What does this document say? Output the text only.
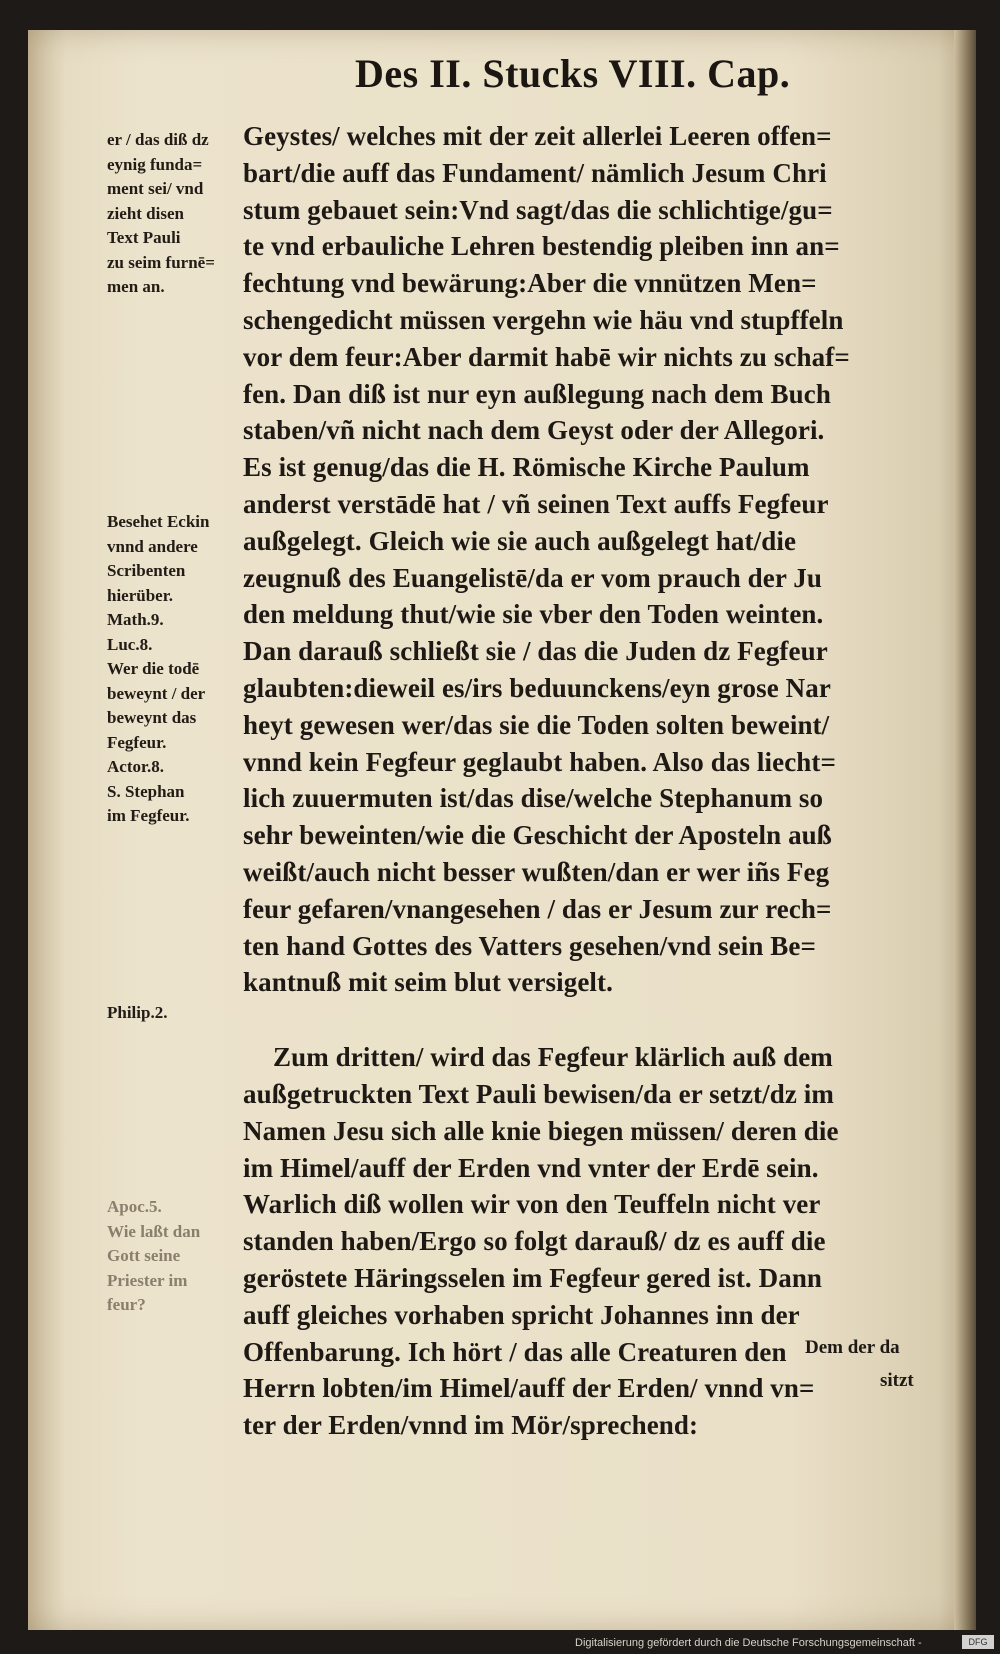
Des II. Stucks VIII. Cap.
Geystes/ welches mit der zeit allerlei Leeren offen=
bart/die auff das Fundament/ nämlich Jesum Chri
stum gebauet sein:Vnd sagt/das die schlichtige/gu=
te vnd erbauliche Lehren bestendig pleiben inn an=
fechtung vnd bewärung:Aber die vnnützen Men=
schengedicht müssen vergehn wie häu vnd stupffeln
vor dem feur:Aber darmit habē wir nichts zu schaf=
fen. Dan diß ist nur eyn außlegung nach dem Buch
staben/vñ nicht nach dem Geyst oder der Allegori.
Es ist genug/das die H. Römische Kirche Paulum
anderst verstādē hat / vñ seinen Text auffs Fegfeur
außgelegt. Gleich wie sie auch außgelegt hat/die
zeugnuß des Euangelistē/da er vom prauch der Ju
den meldung thut/wie sie vber den Toden weinten.
Dan darauß schließt sie / das die Juden dz Fegfeur
glaubten:dieweil es/irs beduunckens/eyn grose Nar
heyt gewesen wer/das sie die Toden solten beweint/
vnnd kein Fegfeur geglaubt haben. Also das liecht=
lich zuuermuten ist/das dise/welche Stephanum so
sehr beweinten/wie die Geschicht der Aposteln auß
weißt/auch nicht besser wußten/dan er wer iñs Feg
feur gefaren/vnangesehen / das er Jesum zur rech=
ten hand Gottes des Vatters gesehen/vnd sein Be=
kantnuß mit seim blut versigelt.
Zum dritten/ wird das Fegfeur klärlich auß dem
außgetruckten Text Pauli bewisen/da er setzt/dz im
Namen Jesu sich alle knie biegen müssen/ deren die
im Himel/auff der Erden vnd vnter der Erdē sein.
Warlich diß wollen wir von den Teuffeln nicht ver
standen haben/Ergo so folgt darauß/ dz es auff die
geröstete Häringsselen im Fegfeur gered ist. Dann
auff gleiches vorhaben spricht Johannes inn der
Offenbarung. Ich hört / das alle Creaturen den
Herrn lobten/im Himel/auff der Erden/ vnnd vn=
ter der Erden/vnnd im Mör/sprechend:
Dem der da
sitzt
er / das diß dz
eynig funda=
ment sei/ vnd
zieht disen
Text Pauli
zu seim furnē=
men an.
Besehet Eckin
vnnd andere
Scribenten
hierüber.
Math.9.
Luc.8.
Wer die todē
beweynt / der
beweynt das
Fegfeur.
Actor.8.
S. Stephan
im Fegfeur.
Philip.2.
Apoc.5.
Wie laßt dan
Gott seine
Priester im
feur?
Digitalisierung gefördert durch die Deutsche Forschungsgemeinschaft -	DFG
